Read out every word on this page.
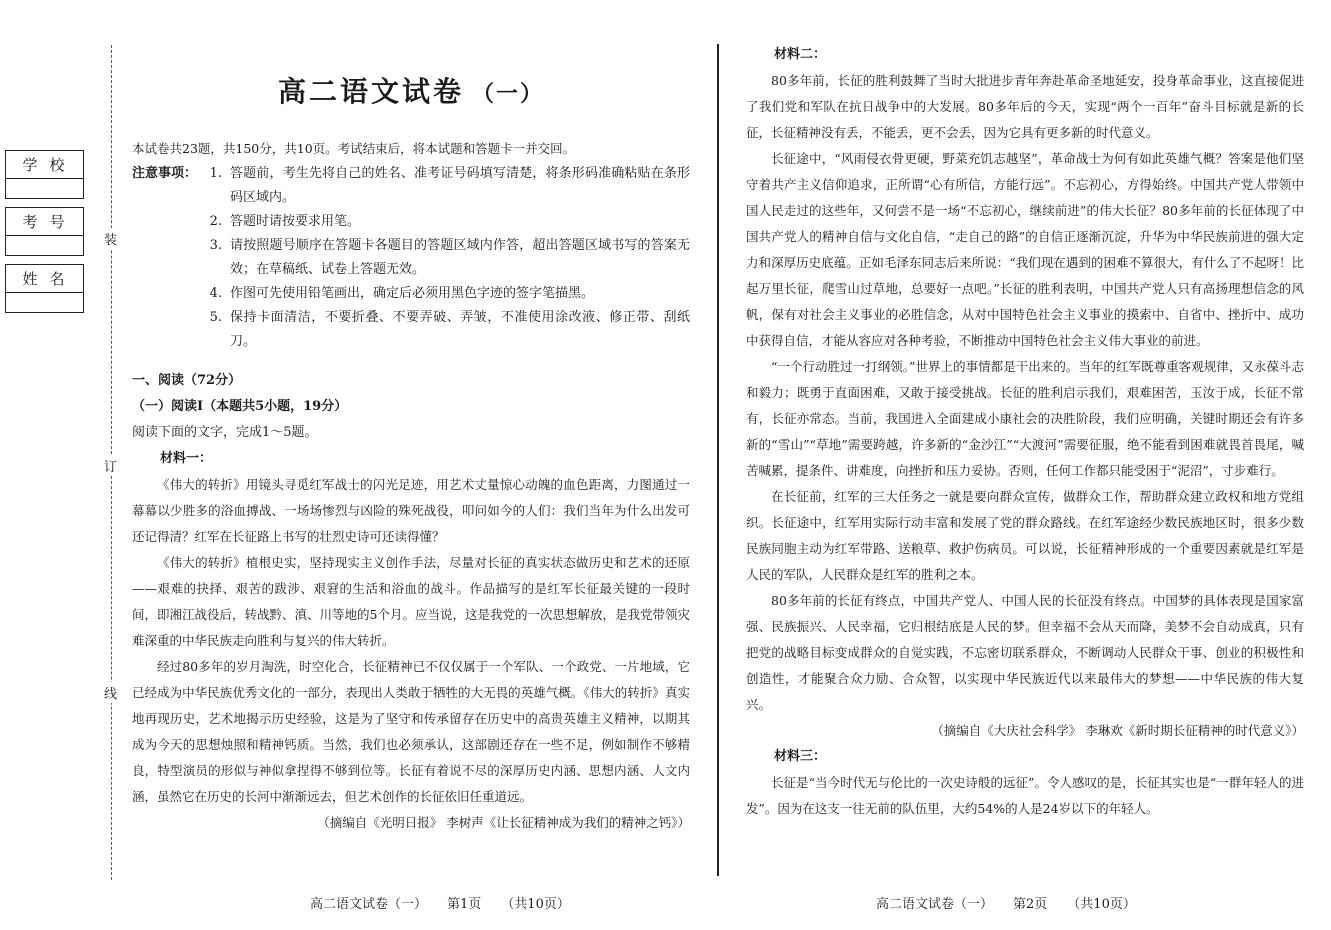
学校
考号
姓名
装
订
线
高二语文试卷 （一）
本试卷共23题，共150分，共10页。考试结束后，将本试题和答题卡一并交回。
注意事项： 1. 答题前，考生先将自己的姓名、准考证号码填写清楚，将条形码准确粘贴在条形码区域内。
2. 答题时请按要求用笔。
3. 请按照题号顺序在答题卡各题目的答题区域内作答，超出答题区域书写的答案无效；在草稿纸、试卷上答题无效。
4. 作图可先使用铅笔画出，确定后必须用黑色字迹的签字笔描黑。
5. 保持卡面清洁，不要折叠、不要弄破、弄皱，不准使用涂改液、修正带、刮纸刀。
一、阅读（72分）
（一）阅读Ⅰ（本题共5小题，19分）
阅读下面的文字，完成1～5题。
材料一：
《伟大的转折》用镜头寻觅红军战士的闪光足迹，用艺术丈量惊心动魄的血色距离，力图通过一幕幕以少胜多的浴血搏战、一场场惨烈与凶险的殊死战役，叩问如今的人们：我们当年为什么出发可还记得清？红军在长征路上书写的壮烈史诗可还读得懂？
《伟大的转折》植根史实，坚持现实主义创作手法，尽量对长征的真实状态做历史和艺术的还原——艰难的抉择、艰苦的跋涉、艰窘的生活和浴血的战斗。作品描写的是红军长征最关键的一段时间，即湘江战役后，转战黔、滇、川等地的5个月。应当说，这是我党的一次思想解放，是我党带领灾难深重的中华民族走向胜利与复兴的伟大转折。
经过80多年的岁月淘洗，时空化合，长征精神已不仅仅属于一个军队、一个政党、一片地域，它已经成为中华民族优秀文化的一部分，表现出人类敢于牺牲的大无畏的英雄气概。《伟大的转折》真实地再现历史，艺术地揭示历史经验，这是为了坚守和传承留存在历史中的高贵英雄主义精神，以期其成为今天的思想烛照和精神钙质。当然，我们也必须承认，这部剧还存在一些不足，例如制作不够精良，特型演员的形似与神似拿捏得不够到位等。长征有着说不尽的深厚历史内涵、思想内涵、人文内涵，虽然它在历史的长河中渐渐远去，但艺术创作的长征依旧任重道远。
（摘编自《光明日报》 李树声《让长征精神成为我们的精神之钙》）
材料二：
80多年前，长征的胜利鼓舞了当时大批进步青年奔赴革命圣地延安，投身革命事业，这直接促进了我们党和军队在抗日战争中的大发展。80多年后的今天，实现“两个一百年”奋斗目标就是新的长征，长征精神没有丢，不能丢，更不会丢，因为它具有更多新的时代意义。
长征途中，“风雨侵衣骨更硬，野菜充饥志越坚”，革命战士为何有如此英雄气概？答案是他们坚守着共产主义信仰追求，正所谓“心有所信，方能行远”。不忘初心，方得始终。中国共产党人带领中国人民走过的这些年，又何尝不是一场“不忘初心，继续前进”的伟大长征？80多年前的长征体现了中国共产党人的精神自信与文化自信，“走自己的路”的自信正逐渐沉淀，升华为中华民族前进的强大定力和深厚历史底蕴。正如毛泽东同志后来所说：“我们现在遇到的困难不算很大，有什么了不起呀！比起万里长征，爬雪山过草地，总要好一点吧。”长征的胜利表明，中国共产党人只有高扬理想信念的风帆，保有对社会主义事业的必胜信念，从对中国特色社会主义事业的摸索中、自省中、挫折中、成功中获得自信，才能从容应对各种考验，不断推动中国特色社会主义伟大事业的前进。
“一个行动胜过一打纲领。”世界上的事情都是干出来的。当年的红军既尊重客观规律，又永葆斗志和毅力；既勇于直面困难，又敢于接受挑战。长征的胜利启示我们，艰难困苦，玉汝于成，长征不常有，长征亦常态。当前，我国进入全面建成小康社会的决胜阶段，我们应明确，关键时期还会有许多新的“雪山”“草地”需要跨越，许多新的“金沙江”“大渡河”需要征服，绝不能看到困难就畏首畏尾，喊苦喊累，提条件、讲难度，向挫折和压力妥协。否则，任何工作都只能受困于“泥沼”，寸步难行。
在长征前，红军的三大任务之一就是要向群众宣传，做群众工作，帮助群众建立政权和地方党组织。长征途中，红军用实际行动丰富和发展了党的群众路线。在红军途经少数民族地区时，很多少数民族同胞主动为红军带路、送粮草、救护伤病员。可以说，长征精神形成的一个重要因素就是红军是人民的军队，人民群众是红军的胜利之本。
80多年前的长征有终点，中国共产党人、中国人民的长征没有终点。中国梦的具体表现是国家富强、民族振兴、人民幸福，它归根结底是人民的梦。但幸福不会从天而降，美梦不会自动成真，只有把党的战略目标变成群众的自觉实践，不忘密切联系群众，不断调动人民群众干事、创业的积极性和创造性，才能聚合众力励、合众智，以实现中华民族近代以来最伟大的梦想——中华民族的伟大复兴。
（摘编自《大庆社会科学》 李琳欢《新时期长征精神的时代意义》）
材料三：
长征是“当今时代无与伦比的一次史诗般的远征”。令人感叹的是，长征其实也是“一群年轻人的进发”。因为在这支一往无前的队伍里，大约54%的人是24岁以下的年轻人。
高二语文试卷（一） 第1页 （共10页）	高二语文试卷（一） 第2页 （共10页）
